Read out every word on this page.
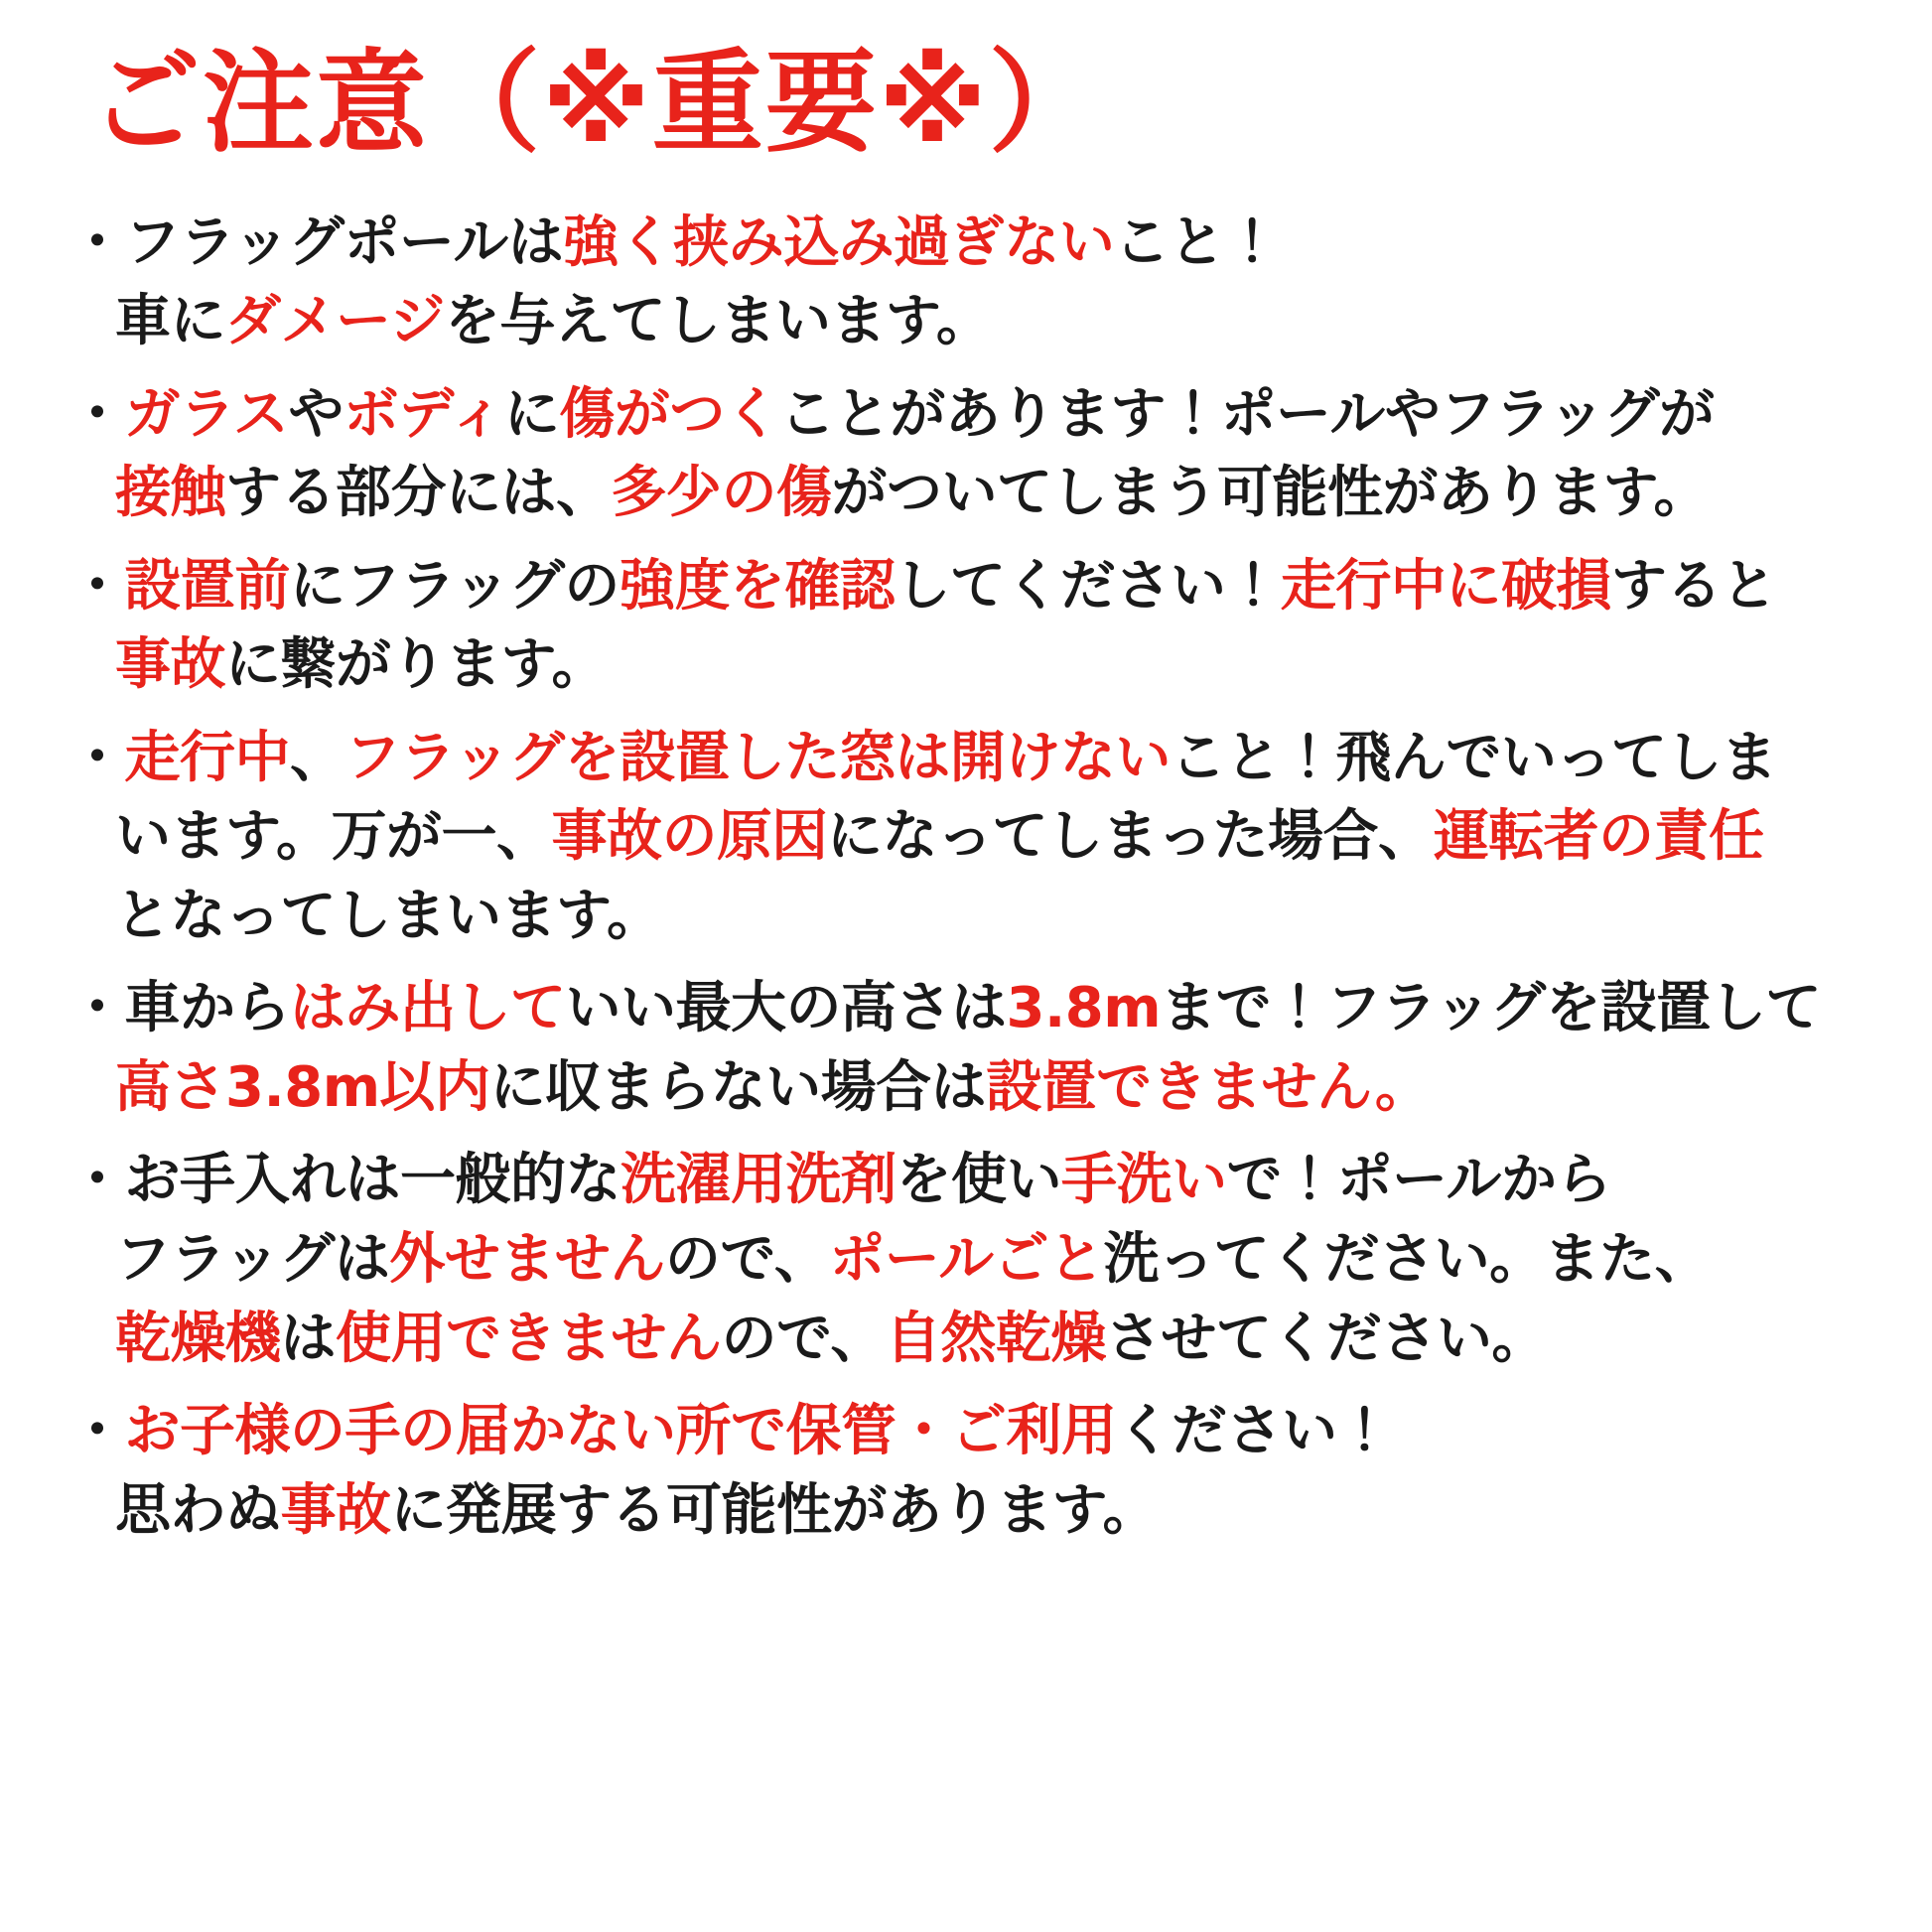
ご注意（※重要※）
・フラッグポールは強く挟み込み過ぎないこと！
車にダメージを与えてしまいます。
・ガラスやボディに傷がつくことがあります！ポールやフラッグが
接触する部分には、多少の傷がついてしまう可能性があります。
・設置前にフラッグの強度を確認してください！走行中に破損すると
事故に繋がります。
・走行中、フラッグを設置した窓は開けないこと！飛んでいってしま
います。万が一、事故の原因になってしまった場合、運転者の責任
となってしまいます。
・車からはみ出していい最大の高さは3.8mまで！フラッグを設置して
高さ3.8m以内に収まらない場合は設置できません。
・お手入れは一般的な洗濯用洗剤を使い手洗いで！ポールから
フラッグは外せませんので、ポールごと洗ってください。また、
乾燥機は使用できませんので、自然乾燥させてください。
・お子様の手の届かない所で保管・ご利用ください！
思わぬ事故に発展する可能性があります。
